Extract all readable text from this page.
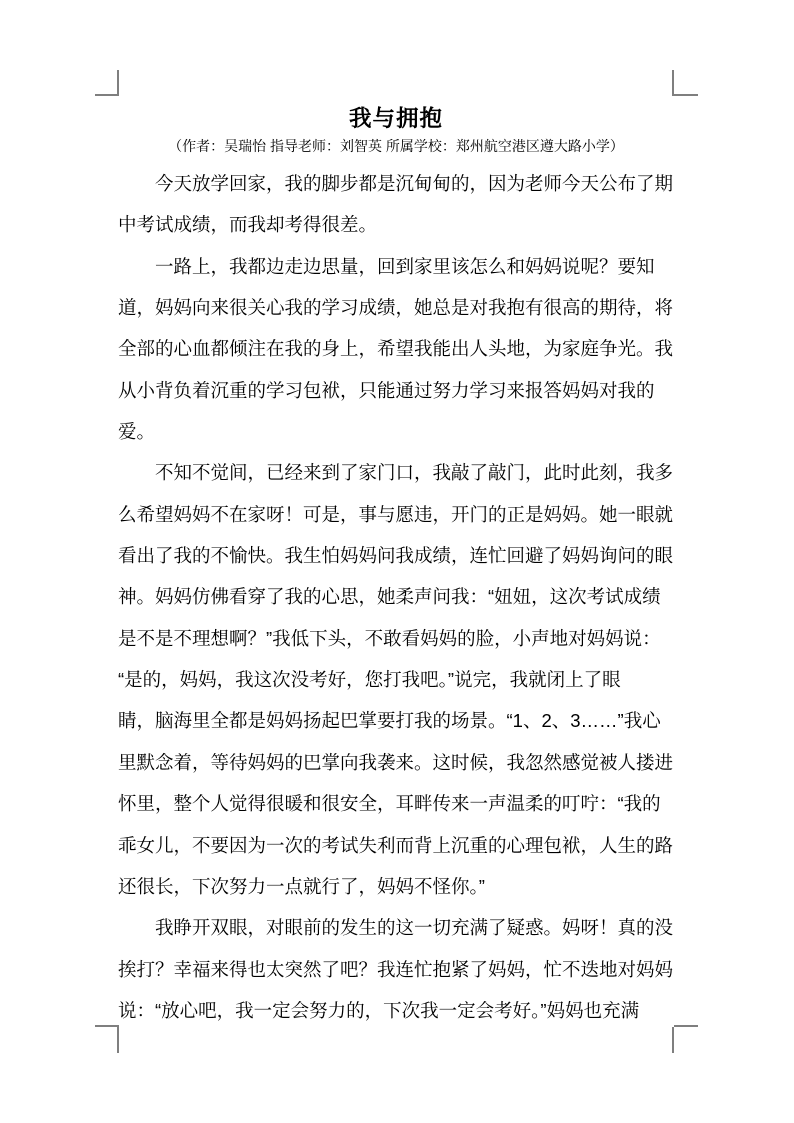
我与拥抱
（作者：吴瑞怡 指导老师：刘智英 所属学校：郑州航空港区遵大路小学）
今天放学回家，我的脚步都是沉甸甸的，因为老师今天公布了期
中考试成绩，而我却考得很差。
一路上，我都边走边思量，回到家里该怎么和妈妈说呢？要知
道，妈妈向来很关心我的学习成绩，她总是对我抱有很高的期待，将
全部的心血都倾注在我的身上，希望我能出人头地，为家庭争光。我
从小背负着沉重的学习包袱，只能通过努力学习来报答妈妈对我的
爱。
不知不觉间，已经来到了家门口，我敲了敲门，此时此刻，我多
么希望妈妈不在家呀！可是，事与愿违，开门的正是妈妈。她一眼就
看出了我的不愉快。我生怕妈妈问我成绩，连忙回避了妈妈询问的眼
神。妈妈仿佛看穿了我的心思，她柔声问我：“妞妞，这次考试成绩
是不是不理想啊？”我低下头，不敢看妈妈的脸，小声地对妈妈说：
“是的，妈妈，我这次没考好，您打我吧。”说完，我就闭上了眼
睛，脑海里全都是妈妈扬起巴掌要打我的场景。“1、2、3……”我心
里默念着，等待妈妈的巴掌向我袭来。这时候，我忽然感觉被人搂进
怀里，整个人觉得很暖和很安全，耳畔传来一声温柔的叮咛：“我的
乖女儿，不要因为一次的考试失利而背上沉重的心理包袱，人生的路
还很长，下次努力一点就行了，妈妈不怪你。”
我睁开双眼，对眼前的发生的这一切充满了疑惑。妈呀！真的没
挨打？幸福来得也太突然了吧？我连忙抱紧了妈妈，忙不迭地对妈妈
说：“放心吧，我一定会努力的，下次我一定会考好。”妈妈也充满
